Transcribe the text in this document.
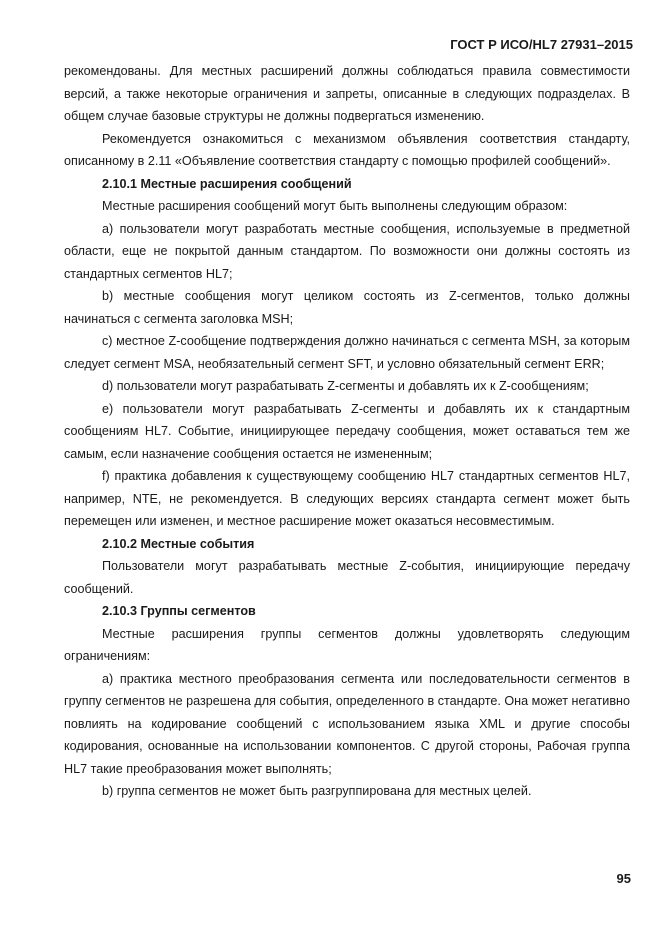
ГОСТ Р ИСО/HL7 27931–2015

рекомендованы. Для местных расширений должны соблюдаться правила совместимости версий, а также некоторые ограничения и запреты, описанные в следующих подразделах. В общем случае базовые структуры не должны подвергаться изменению.

Рекомендуется ознакомиться с механизмом объявления соответствия стандарту, описанному в 2.11 «Объявление соответствия стандарту с помощью профилей сообщений».

2.10.1 Местные расширения сообщений

Местные расширения сообщений могут быть выполнены следующим образом:

a) пользователи могут разработать местные сообщения, используемые в предметной области, еще не покрытой данным стандартом. По возможности они должны состоять из стандартных сегментов HL7;

b) местные сообщения могут целиком состоять из Z-сегментов, только должны начинаться с сегмента заголовка MSH;

c) местное Z-сообщение подтверждения должно начинаться с сегмента MSH, за которым следует сегмент MSA, необязательный сегмент SFT, и условно обязательный сегмент ERR;

d) пользователи могут разрабатывать Z-сегменты и добавлять их к Z-сообщениям;

e) пользователи могут разрабатывать Z-сегменты и добавлять их к стандартным сообщениям HL7. Событие, инициирующее передачу сообщения, может оставаться тем же самым, если назначение сообщения остается не измененным;

f) практика добавления к существующему сообщению HL7 стандартных сегментов HL7, например, NTE, не рекомендуется. В следующих версиях стандарта сегмент может быть перемещен или изменен, и местное расширение может оказаться несовместимым.

2.10.2 Местные события

Пользователи могут разрабатывать местные Z-события, инициирующие передачу сообщений.

2.10.3 Группы сегментов

Местные расширения группы сегментов должны удовлетворять следующим ограничениям:

a) практика местного преобразования сегмента или последовательности сегментов в группу сегментов не разрешена для события, определенного в стандарте. Она может негативно повлиять на кодирование сообщений с использованием языка XML и другие способы кодирования, основанные на использовании компонентов. С другой стороны, Рабочая группа HL7 такие преобразования может выполнять;

b) группа сегментов не может быть разгруппирована для местных целей.

95
